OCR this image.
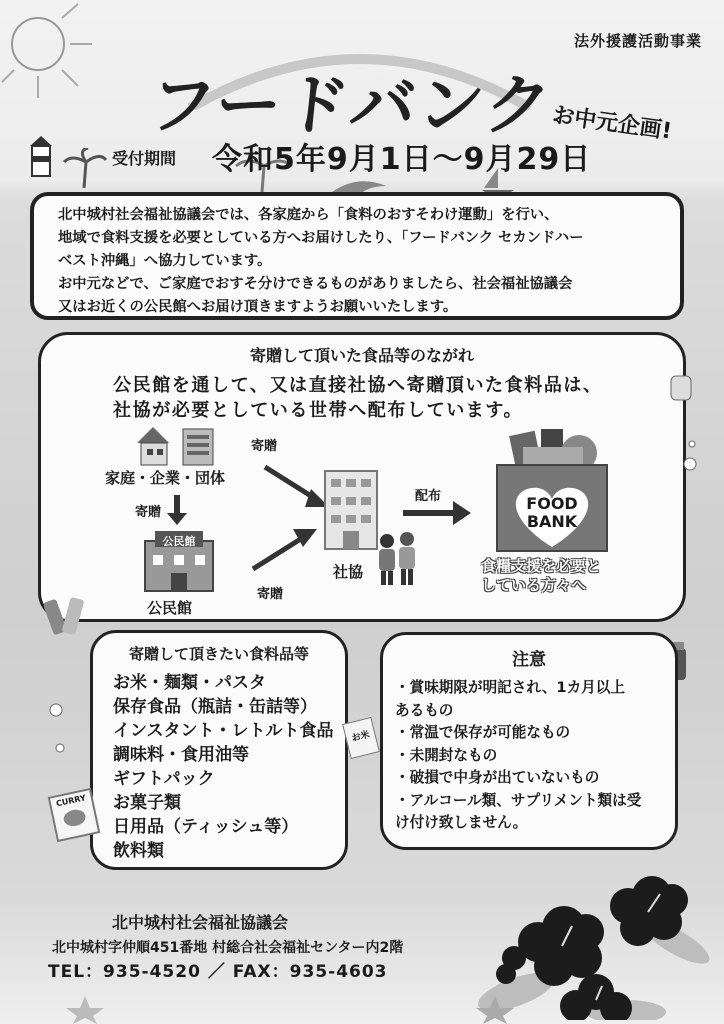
法外援護活動事業
フードバンク
お中元企画!
受付期間 令和5年9月1日～9月29日
北中城村社会福祉協議会では、各家庭から「食料のおすそわけ運動」を行い、
地域で食料支援を必要としている方へお届けしたり、「フードバンク セカンドハー
ベスト沖縄」へ協力しています。
お中元などで、ご家庭でおすそ分けできるものがありましたら、社会福祉協議会
又はお近くの公民館へお届け頂きますようお願いいたします。
寄贈して頂いた食品等のながれ
公民館を通して、又は直接社協へ寄贈頂いた食料品は、
社協が必要としている世帯へ配布しています。
家庭・企業・団体
寄贈
寄贈
公民館
公民館
寄贈
社協
配布	FOOD
BANK
食糧支援を必要と
している方々へ
寄贈して頂きたい食料品等
お米・麺類・パスタ
保存食品（瓶詰・缶詰等）
インスタント・レトルト食品
調味料・食用油等
ギフトパック
お菓子類
日用品（ティッシュ等）
飲料類
CURRY
お米
注意
・賞味期限が明記され、1カ月以上
あるもの
・常温で保存が可能なもの
・未開封なもの
・破損で中身が出ていないもの
・アルコール類、サプリメント類は受
け付け致しません。
北中城村社会福祉協議会
北中城村字仲順451番地 村総合社会福祉センター内2階
TEL：935-4520 ／ FAX：935-4603
